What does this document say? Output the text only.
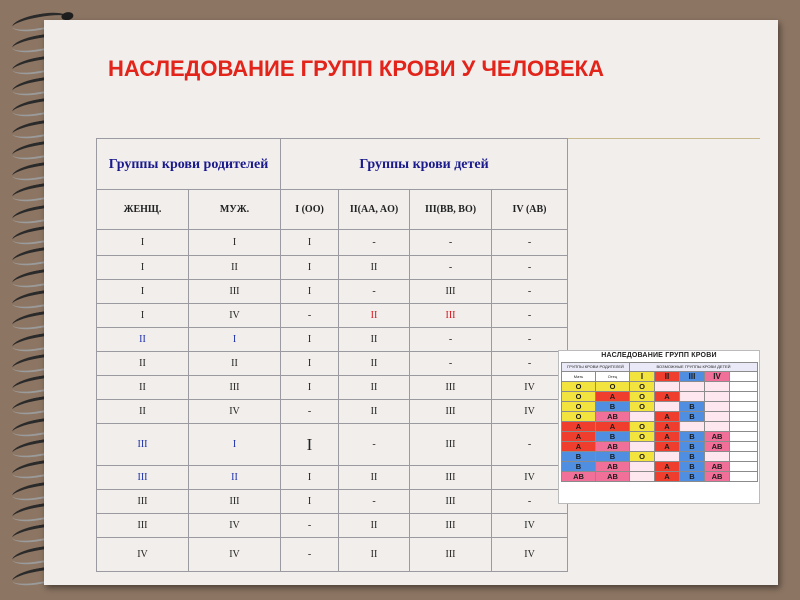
НАСЛЕДОВАНИЕ ГРУПП КРОВИ У ЧЕЛОВЕКА
Группы крови родителей		Группы крови детей			
ЖЕНЩ.	МУЖ.	I (OO)	II(AA, AO)	III(BB, BO)	IV (AB)
I	I	I	-	-	-
I	II	I	II	-	-
I	III	I	-	III	-
I	IV	-	II	III	-
II	I	I	II	-	-
II	II	I	II	-	-
II	III	I	II	III	IV
II	IV	-	II	III	IV
III	I	I	-	III	-
III	II	I	II	III	IV
III	III	I	-	III	-
III	IV	-	II	III	IV
IV	IV	-	II	III	IV
НАСЛЕДОВАНИЕ ГРУПП КРОВИ
ГРУППЫ КРОВИ РОДИТЕЛЕЙ		ВОЗМОЖНЫЕ ГРУППЫ КРОВИ ДЕТЕЙ				
Мать	Отец	I	II	III	IV	
O	O	O				
O	A	O	A			
O	B	O		B		
O	AB		A	B		
A	A	O	A			
A	B	O	A	B	AB	
A	AB		A	B	AB	
B	B	O		B		
B	AB		A	B	AB	
AB	AB		A	B	AB	
